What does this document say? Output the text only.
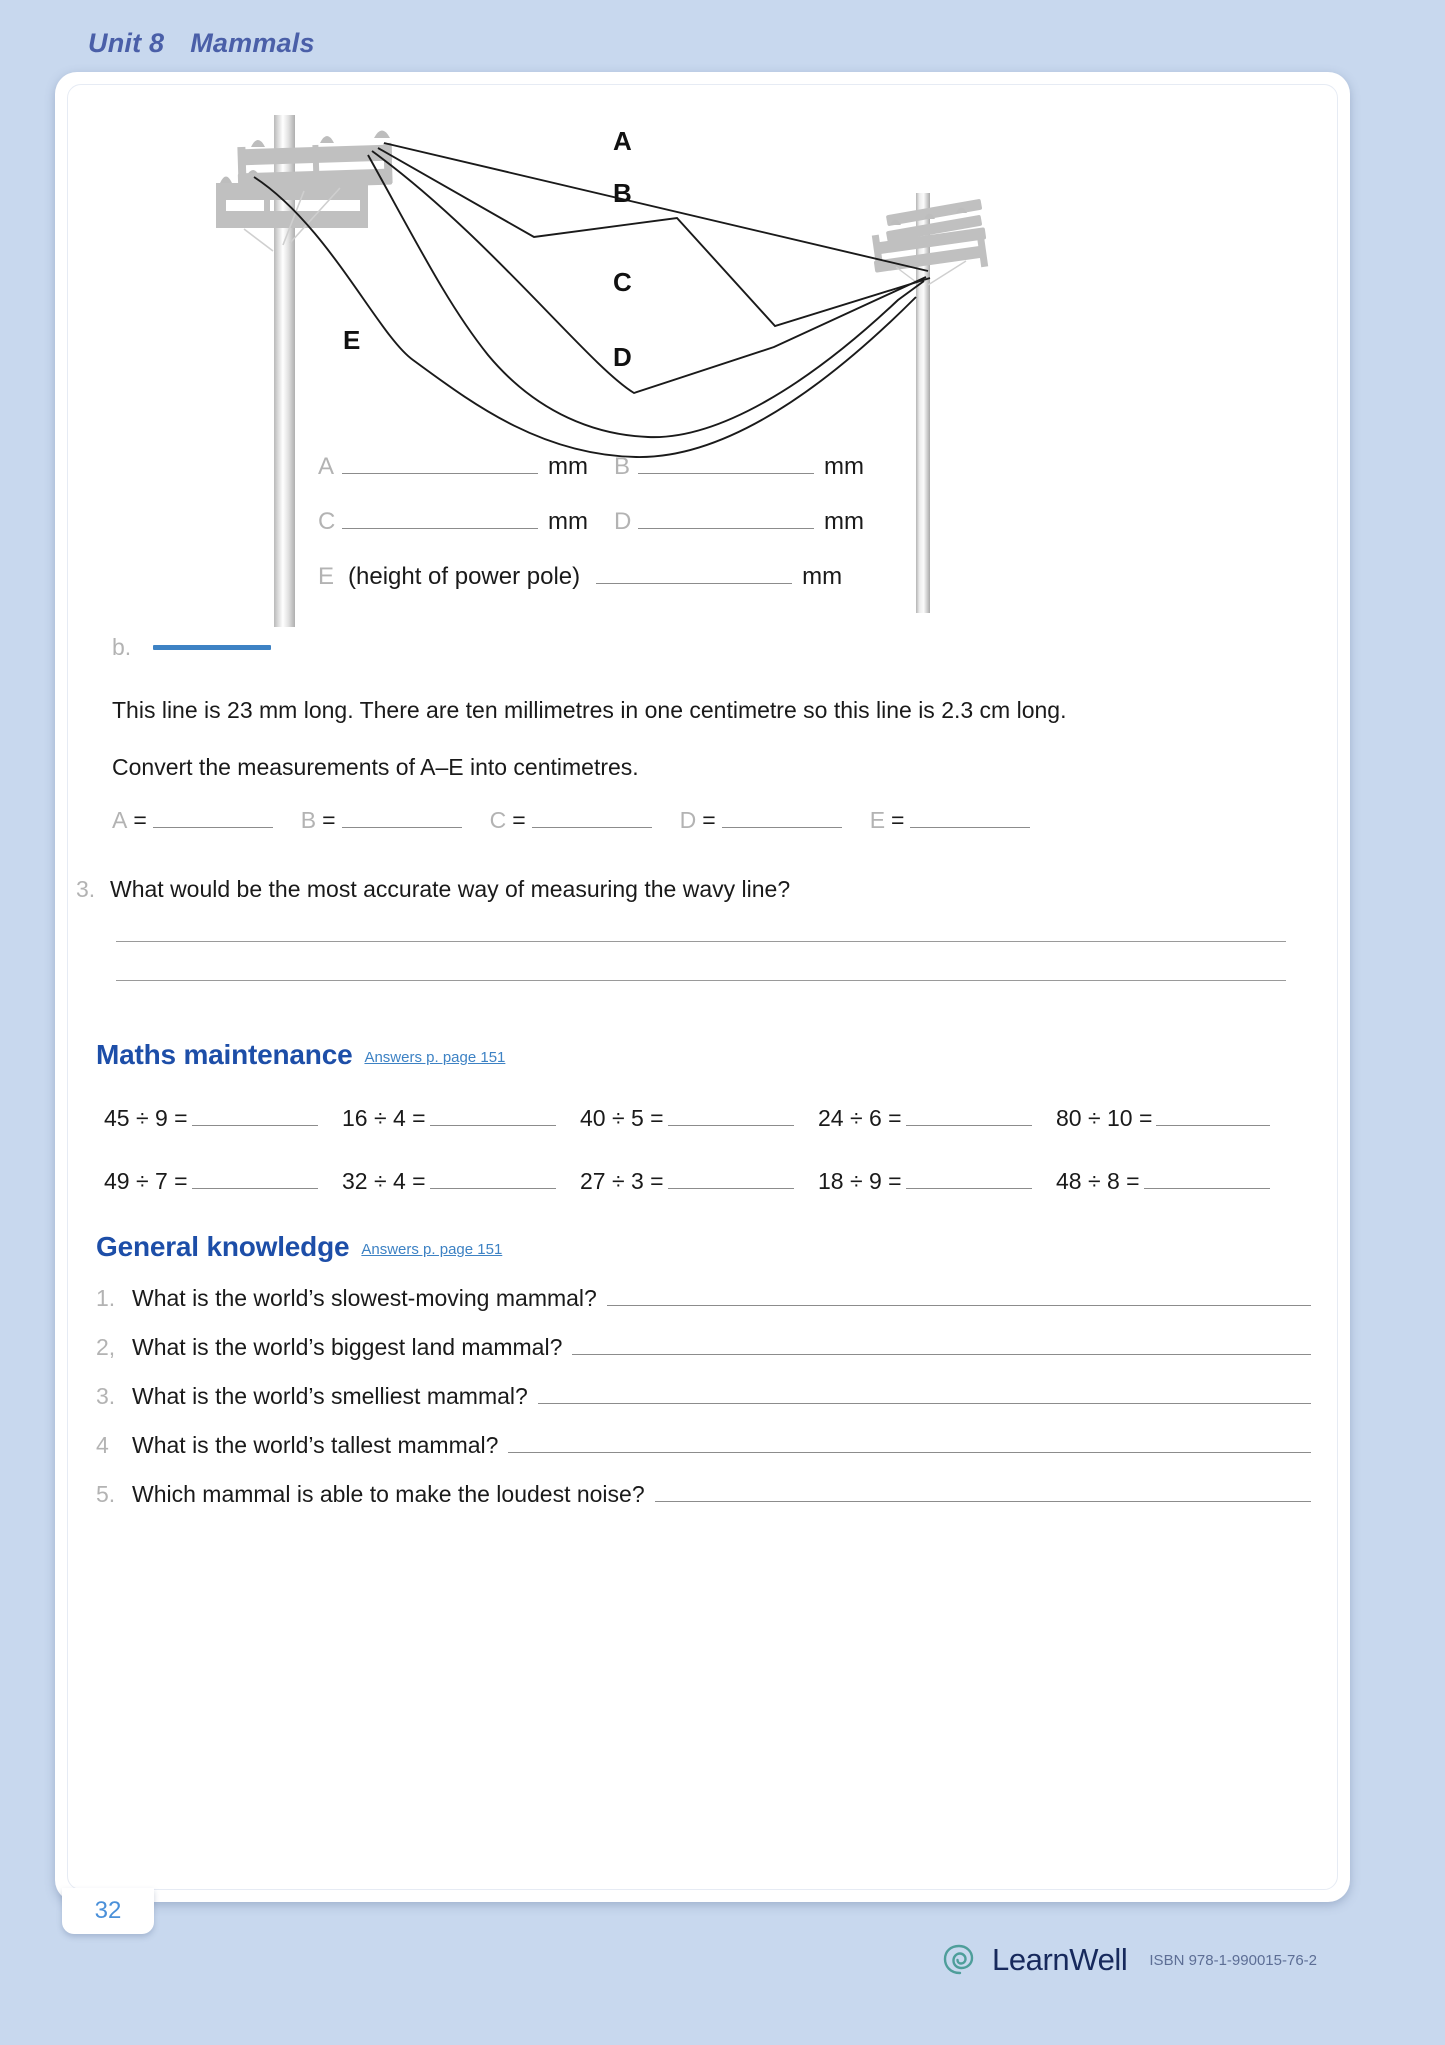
Unit 8 Mammals
A
B
C
D
E
A	mm B	mm
C	mm D	mm
E (height of power pole)	mm
b.
This line is 23 mm long. There are ten millimetres in one centimetre so this line is 2.3 cm long.
Convert the measurements of A–E into centimetres.
A =	B =	C =	D =	E =
3. What would be the most accurate way of measuring the wavy line?
Maths maintenance Answers p. page 151
45 ÷ 9 =	16 ÷ 4 =	40 ÷ 5 =	24 ÷ 6 =	80 ÷ 10 =
49 ÷ 7 =	32 ÷ 4 =	27 ÷ 3 =	18 ÷ 9 =	48 ÷ 8 =
General knowledge Answers p. page 151
1. What is the world’s slowest-moving mammal?
2, What is the world’s biggest land mammal?
3. What is the world’s smelliest mammal?
4	What is the world’s tallest mammal?
5. Which mammal is able to make the loudest noise?
32
LearnWell ISBN 978-1-990015-76-2
